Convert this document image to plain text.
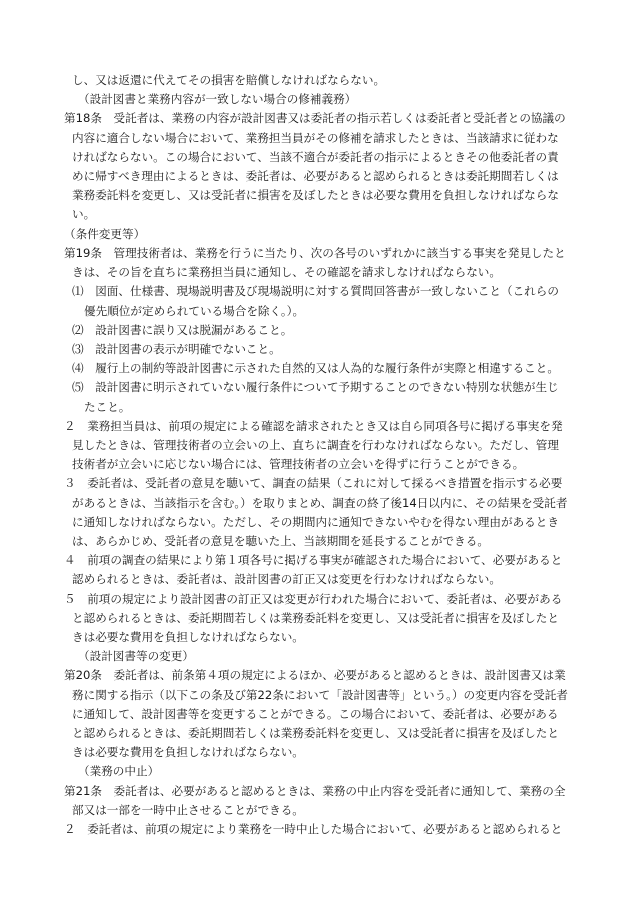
し、又は返還に代えてその損害を賠償しなければならない。
（設計図書と業務内容が一致しない場合の修補義務）
第18条　受託者は、業務の内容が設計図書又は委託者の指示若しくは委託者と受託者との協議の
内容に適合しない場合において、業務担当員がその修補を請求したときは、当該請求に従わな
ければならない。この場合において、当該不適合が委託者の指示によるときその他委託者の責
めに帰すべき理由によるときは、委託者は、必要があると認められるときは委託期間若しくは
業務委託料を変更し、又は受託者に損害を及ぼしたときは必要な費用を負担しなければならな
い。
（条件変更等）
第19条　管理技術者は、業務を行うに当たり、次の各号のいずれかに該当する事実を発見したと
きは、その旨を直ちに業務担当員に通知し、その確認を請求しなければならない。
⑴　図面、仕様書、現場説明書及び現場説明に対する質問回答書が一致しないこと（これらの
優先順位が定められている場合を除く。）。
⑵　設計図書に誤り又は脱漏があること。
⑶　設計図書の表示が明確でないこと。
⑷　履行上の制約等設計図書に示された自然的又は人為的な履行条件が実際と相違すること。
⑸　設計図書に明示されていない履行条件について予期することのできない特別な状態が生じ
たこと。
２　業務担当員は、前項の規定による確認を請求されたとき又は自ら同項各号に掲げる事実を発
見したときは、管理技術者の立会いの上、直ちに調査を行わなければならない。ただし、管理
技術者が立会いに応じない場合には、管理技術者の立会いを得ずに行うことができる。
３　委託者は、受託者の意見を聴いて、調査の結果（これに対して採るべき措置を指示する必要
があるときは、当該指示を含む。）を取りまとめ、調査の終了後14日以内に、その結果を受託者
に通知しなければならない。ただし、その期間内に通知できないやむを得ない理由があるとき
は、あらかじめ、受託者の意見を聴いた上、当該期間を延長することができる。
４　前項の調査の結果により第１項各号に掲げる事実が確認された場合において、必要があると
認められるときは、委託者は、設計図書の訂正又は変更を行わなければならない。
５　前項の規定により設計図書の訂正又は変更が行われた場合において、委託者は、必要がある
と認められるときは、委託期間若しくは業務委託料を変更し、又は受託者に損害を及ぼしたと
きは必要な費用を負担しなければならない。
（設計図書等の変更）
第20条　委託者は、前条第４項の規定によるほか、必要があると認めるときは、設計図書又は業
務に関する指示（以下この条及び第22条において「設計図書等」という。）の変更内容を受託者
に通知して、設計図書等を変更することができる。この場合において、委託者は、必要がある
と認められるときは、委託期間若しくは業務委託料を変更し、又は受託者に損害を及ぼしたと
きは必要な費用を負担しなければならない。
（業務の中止）
第21条　委託者は、必要があると認めるときは、業務の中止内容を受託者に通知して、業務の全
部又は一部を一時中止させることができる。
２　委託者は、前項の規定により業務を一時中止した場合において、必要があると認められると
